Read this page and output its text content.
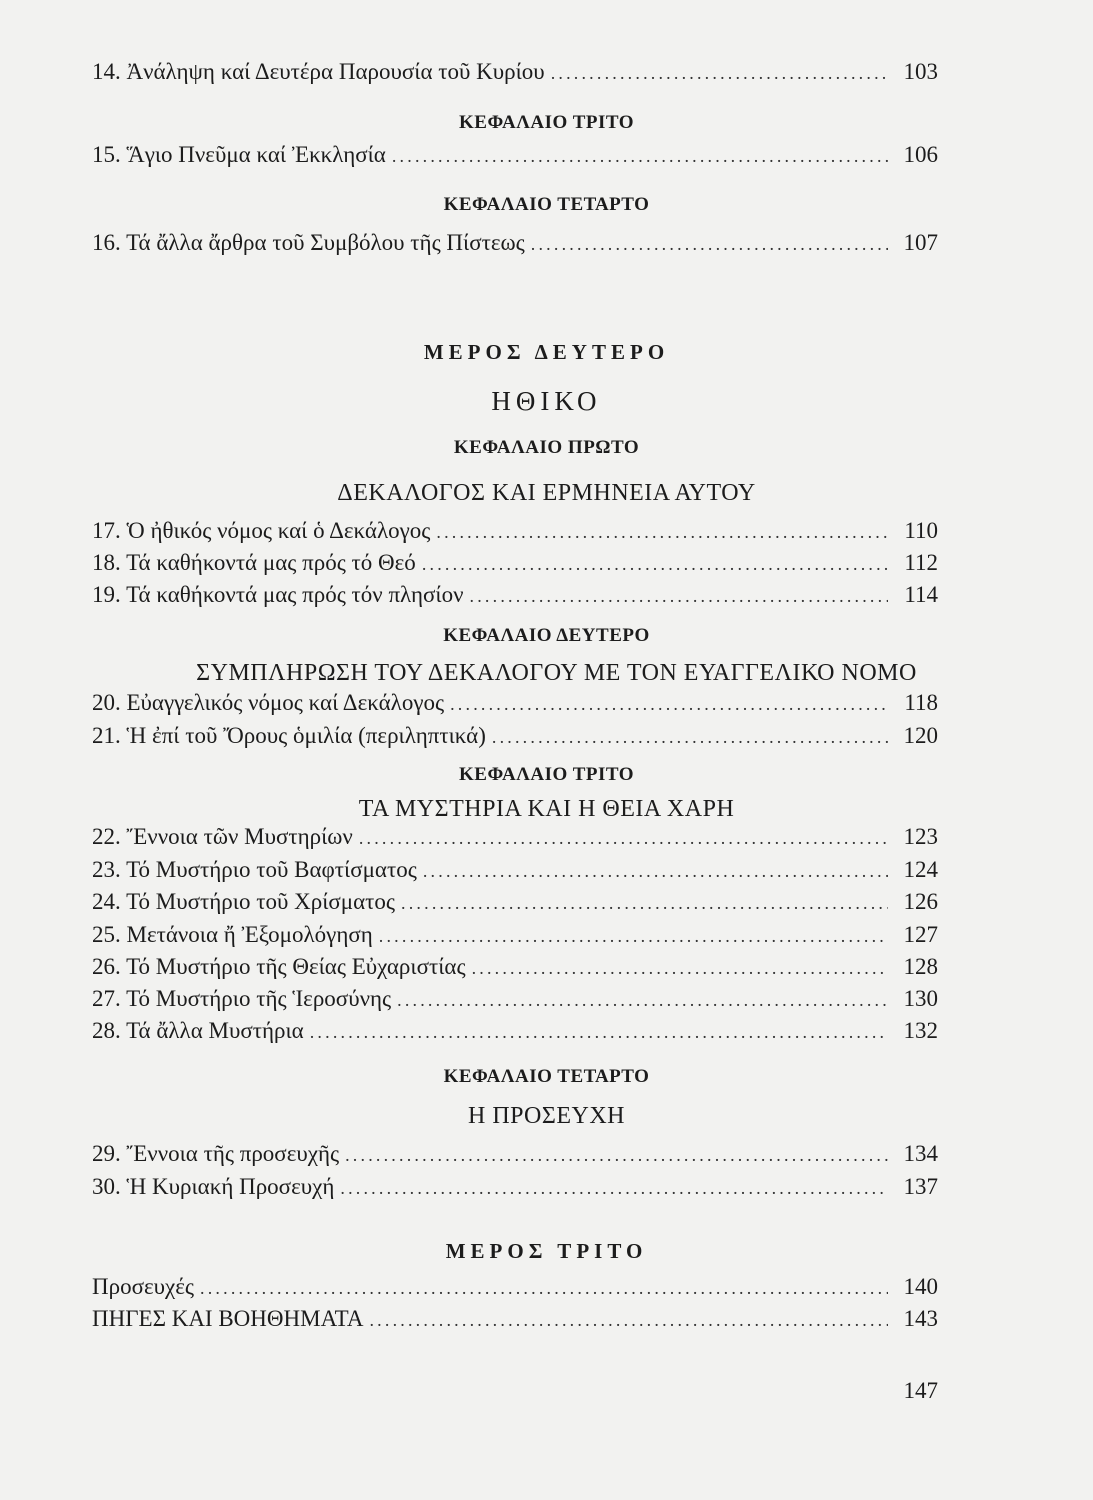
14. Ἀνάληψη καί Δευτέρα Παρουσία τοῦ Κυρίου .....	103
ΚΕΦΑΛΑΙΟ ΤΡΙΤΟ
15. Ἅγιο Πνεῦμα καί Ἐκκλησία .....	106
ΚΕΦΑΛΑΙΟ ΤΕΤΑΡΤΟ
16. Τά ἄλλα ἄρθρα τοῦ Συμβόλου τῆς Πίστεως .....	107
ΜΕΡΟΣ ΔΕΥΤΕΡΟ
ΗΘΙΚΟ
ΚΕΦΑΛΑΙΟ ΠΡΩΤΟ
ΔΕΚΑΛΟΓΟΣ ΚΑΙ ΕΡΜΗΝΕΙΑ ΑΥΤΟΥ
17. Ὁ ἠθικός νόμος καί ὁ Δεκάλογος .....	110
18. Τά καθήκοντά μας πρός τό Θεό .....	112
19. Τά καθήκοντά μας πρός τόν πλησίον .....	114
ΚΕΦΑΛΑΙΟ ΔΕΥΤΕΡΟ
ΣΥΜΠΛΗΡΩΣΗ ΤΟΥ ΔΕΚΑΛΟΓΟΥ ΜΕ ΤΟΝ ΕΥΑΓΓΕΛΙΚΟ ΝΟΜΟ
20. Εὐαγγελικός νόμος καί Δεκάλογος .....	118
21. Ἡ ἐπί τοῦ Ὄρους ὁμιλία (περιληπτικά) .....	120
ΚΕΦΑΛΑΙΟ ΤΡΙΤΟ
ΤΑ ΜΥΣΤΗΡΙΑ ΚΑΙ Η ΘΕΙΑ ΧΑΡΗ
22. Ἔννοια τῶν Μυστηρίων .....	123
23. Τό Μυστήριο τοῦ Βαφτίσματος .....	124
24. Τό Μυστήριο τοῦ Χρίσματος .....	126
25. Μετάνοια ἤ Ἐξομολόγηση .....	127
26. Τό Μυστήριο τῆς Θείας Εὐχαριστίας .....	128
27. Τό Μυστήριο τῆς Ἱεροσύνης .....	130
28. Τά ἄλλα Μυστήρια .....	132
ΚΕΦΑΛΑΙΟ ΤΕΤΑΡΤΟ
Η ΠΡΟΣΕΥΧΗ
29. Ἔννοια τῆς προσευχῆς .....	134
30. Ἡ Κυριακή Προσευχή .....	137
ΜΕΡΟΣ ΤΡΙΤΟ
Προσευχές .....	140
ΠΗΓΕΣ ΚΑΙ ΒΟΗΘΗΜΑΤΑ .....	143
147
